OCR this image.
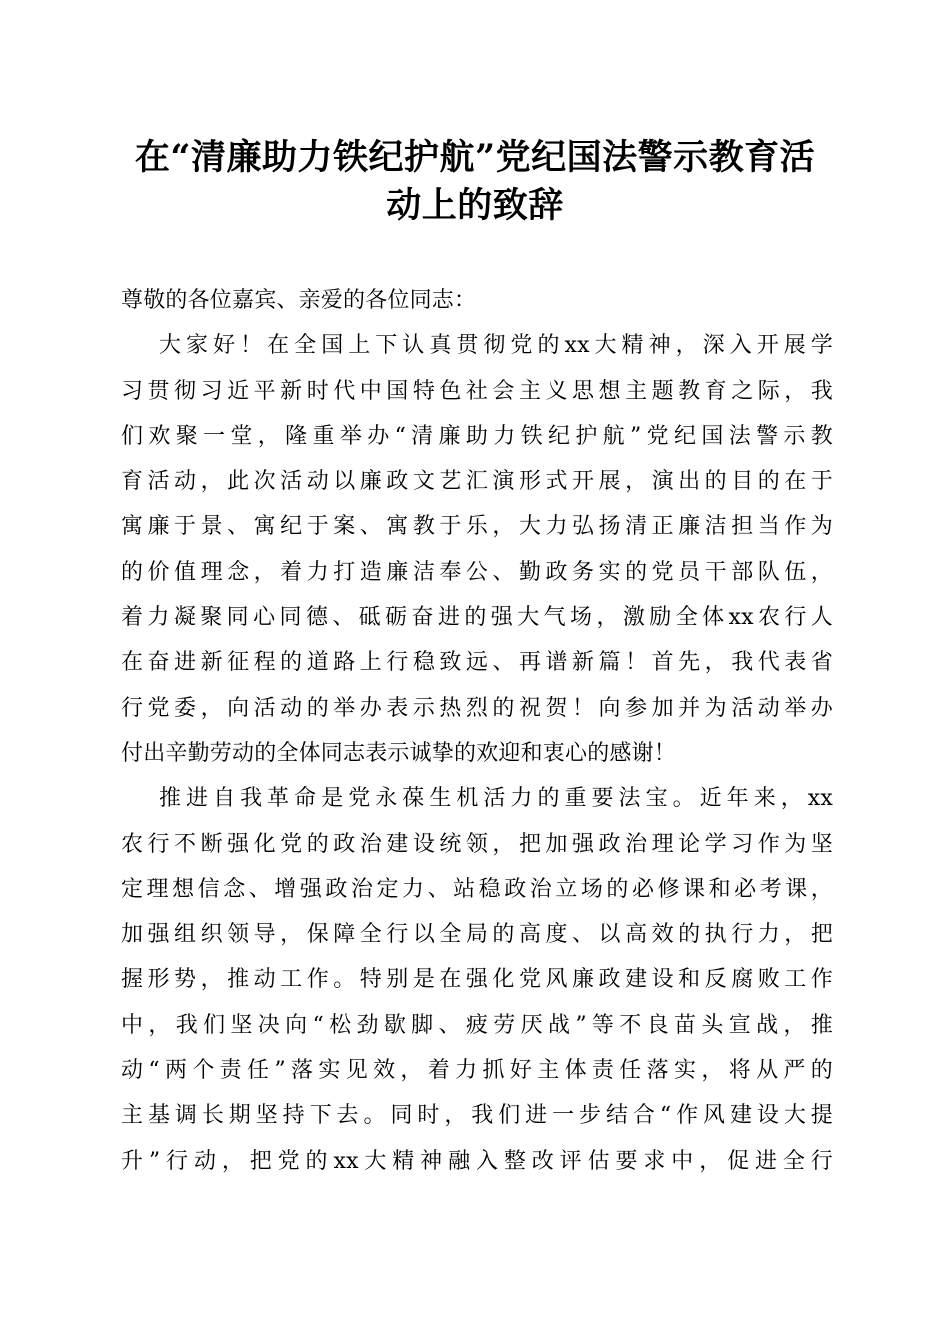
在“清廉助力铁纪护航”党纪国法警示教育活
动上的致辞
尊敬的各位嘉宾、亲爱的各位同志：
大家好！在全国上下认真贯彻党的xx大精神，深入开展学
习贯彻习近平新时代中国特色社会主义思想主题教育之际，我
们欢聚一堂，隆重举办“清廉助力铁纪护航”党纪国法警示教
育活动，此次活动以廉政文艺汇演形式开展，演出的目的在于
寓廉于景、寓纪于案、寓教于乐，大力弘扬清正廉洁担当作为
的价值理念，着力打造廉洁奉公、勤政务实的党员干部队伍，
着力凝聚同心同德、砥砺奋进的强大气场，激励全体xx农行人
在奋进新征程的道路上行稳致远、再谱新篇！首先，我代表省
行党委，向活动的举办表示热烈的祝贺！向参加并为活动举办
付出辛勤劳动的全体同志表示诚挚的欢迎和衷心的感谢！
推进自我革命是党永葆生机活力的重要法宝。近年来，xx
农行不断强化党的政治建设统领，把加强政治理论学习作为坚
定理想信念、增强政治定力、站稳政治立场的必修课和必考课，
加强组织领导，保障全行以全局的高度、以高效的执行力，把
握形势，推动工作。特别是在强化党风廉政建设和反腐败工作
中，我们坚决向“松劲歇脚、疲劳厌战”等不良苗头宣战，推
动“两个责任”落实见效，着力抓好主体责任落实，将从严的
主基调长期坚持下去。同时，我们进一步结合“作风建设大提
升”行动，把党的xx大精神融入整改评估要求中，促进全行
